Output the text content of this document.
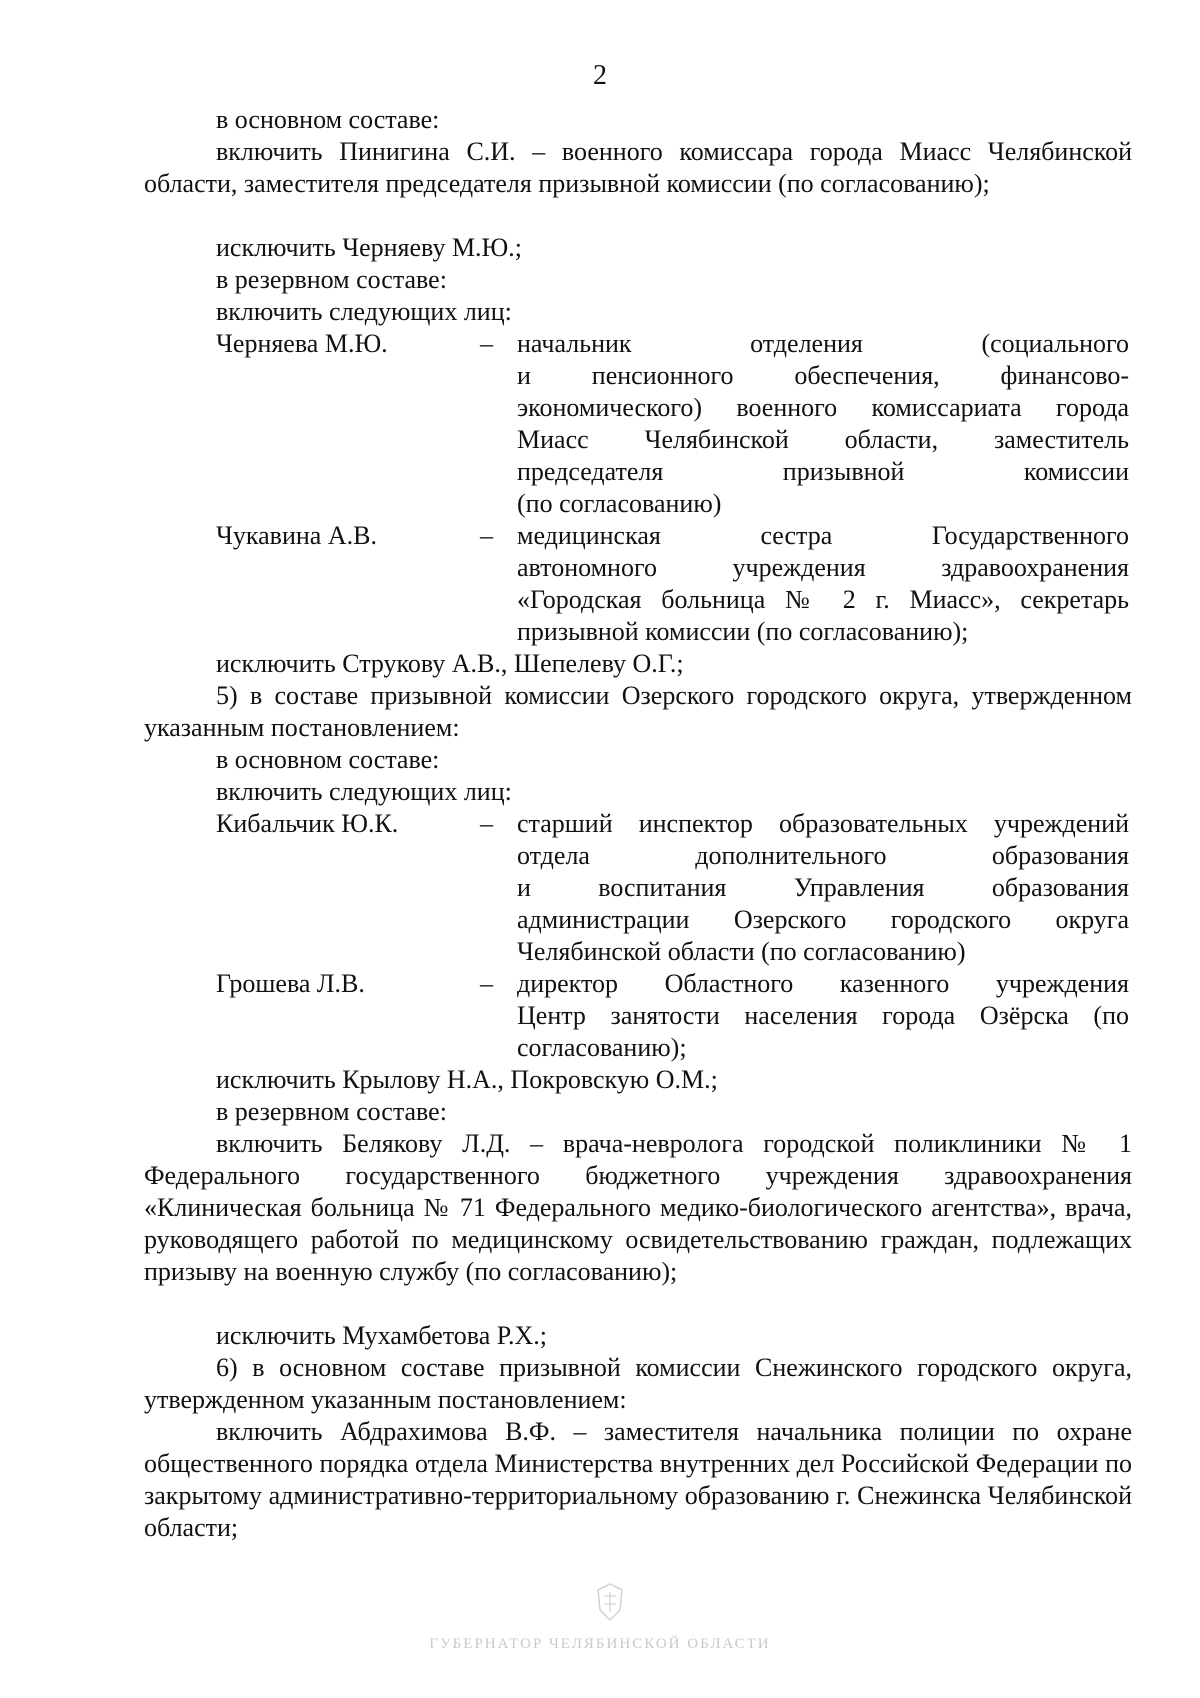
2
в основном составе:
включить Пинигина С.И. – военного комиссара города Миасс Челябинской области, заместителя председателя призывной комиссии (по согласованию);
исключить Черняеву М.Ю.;
в резервном составе:
включить следующих лиц:
Черняева М.Ю.	– начальник отделения (социального
и пенсионного обеспечения, финансово-
экономического) военного комиссариата города
Миасс Челябинской области, заместитель
председателя призывной комиссии
(по согласованию)
Чукавина А.В.	– медицинская сестра Государственного
автономного учреждения здравоохранения
«Городская больница № 2 г. Миасс», секретарь
призывной комиссии (по согласованию);
исключить Струкову А.В., Шепелеву О.Г.;
5) в составе призывной комиссии Озерского городского округа, утвержденном указанным постановлением:
в основном составе:
включить следующих лиц:
Кибальчик Ю.К.	– старший инспектор образовательных учреждений
отдела дополнительного образования
и воспитания Управления образования
администрации Озерского городского округа
Челябинской области (по согласованию)
Грошева Л.В.	– директор Областного казенного учреждения
Центр занятости населения города Озёрска (по
согласованию);
исключить Крылову Н.А., Покровскую О.М.;
в резервном составе:
включить Белякову Л.Д. – врача-невролога городской поликлиники № 1 Федерального государственного бюджетного учреждения здравоохранения «Клиническая больница № 71 Федерального медико-биологического агентства», врача, руководящего работой по медицинскому освидетельствованию граждан, подлежащих призыву на военную службу (по согласованию);
исключить Мухамбетова Р.Х.;
6) в основном составе призывной комиссии Снежинского городского округа, утвержденном указанным постановлением:
включить Абдрахимова В.Ф. – заместителя начальника полиции по охране общественного порядка отдела Министерства внутренних дел Российской Федерации по закрытому административно-территориальному образованию г. Снежинска Челябинской области;
ГУБЕРНАТОР ЧЕЛЯБИНСКОЙ ОБЛАСТИ
